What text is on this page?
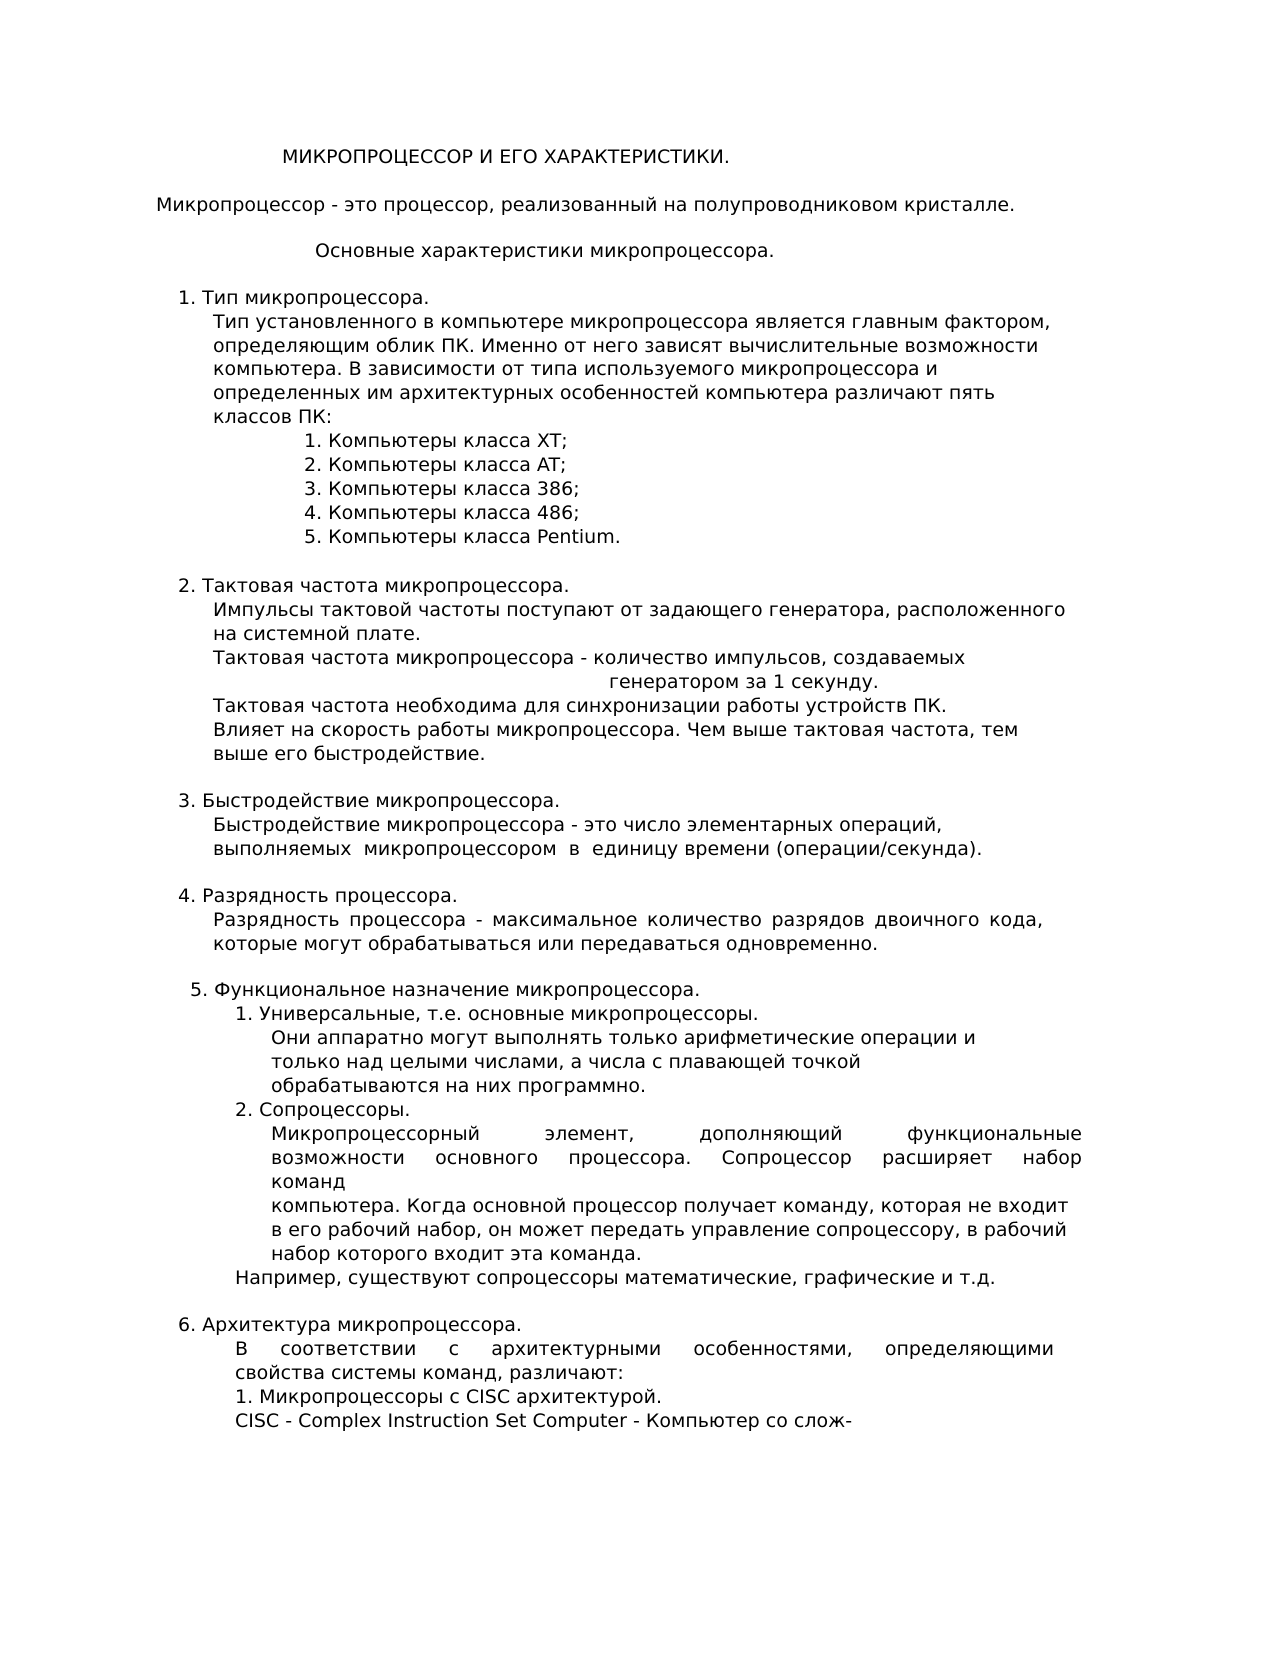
МИКРОПРОЦЕССОР И ЕГО ХАРАКТЕРИСТИКИ.
Микропроцессор - это процессор, реализованный на полупроводниковом кристалле.
Основные характеристики микропроцессора.
1. Тип микропроцессора.
Тип установленного в компьютере микропроцессора является главным фактором,
определяющим облик ПК. Именно от него зависят вычислительные возможности
компьютера. В зависимости от типа используемого микропроцессора и
определенных им архитектурных особенностей компьютера различают пять
классов ПК:
1. Компьютеры класса XT;
2. Компьютеры класса AT;
3. Компьютеры класса 386;
4. Компьютеры класса 486;
5. Компьютеры класса Pentium.
2. Тактовая частота микропроцессора.
Импульсы тактовой частоты поступают от задающего генератора, расположенного
на системной плате.
Тактовая частота микропроцессора - количество импульсов, создаваемых
генератором за 1 секунду.
Тактовая частота необходима для синхронизации работы устройств ПК.
Влияет на скорость работы микропроцессора. Чем выше тактовая частота, тем
выше его быстродействие.
3. Быстродействие микропроцессора.
Быстродействие микропроцессора - это число элементарных операций,
выполняемых  микропроцессором  в  единицу времени (операции/секунда).
4. Разрядность процессора.
Разрядность процессора - максимальное количество разрядов двоичного кода,
которые могут обрабатываться или передаваться одновременно.
5. Функциональное назначение микропроцессора.
1. Универсальные, т.е. основные микропроцессоры.
Они аппаратно могут выполнять только арифметические операции и
только над целыми числами, а числа с плавающей точкой
обрабатываются на них программно.
2. Сопроцессоры.
Микропроцессорный элемент, дополняющий функциональные
возможности основного процессора. Сопроцессор расширяет набор
команд
компьютера. Когда основной процессор получает команду, которая не входит
в его рабочий набор, он может передать управление сопроцессору, в рабочий
набор которого входит эта команда.
Например, существуют сопроцессоры математические, графические и т.д.
6. Архитектура микропроцессора.
В соответствии с архитектурными особенностями, определяющими
свойства системы команд, различают:
1. Микропроцессоры с CISC архитектурой.
CISC - Complex Instruction Set Computer - Компьютер со слож-
